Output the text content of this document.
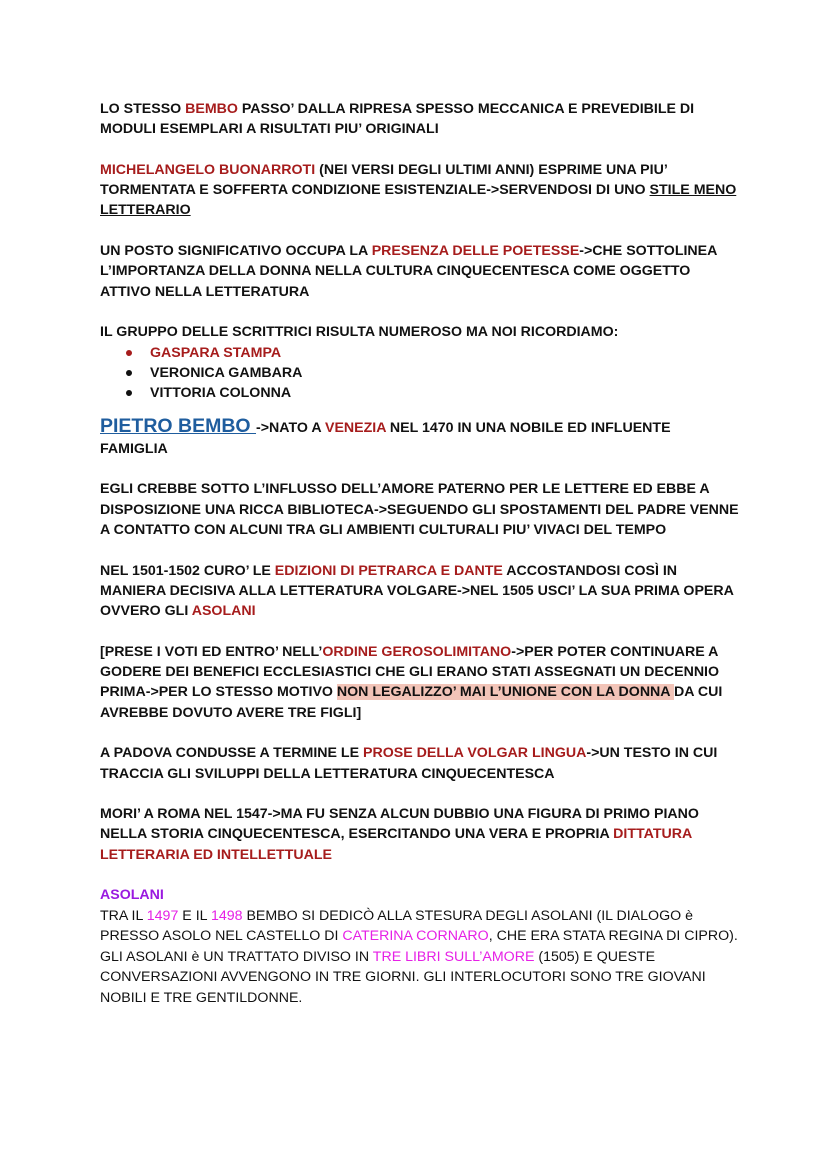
LO STESSO BEMBO PASSO’ DALLA RIPRESA SPESSO MECCANICA E PREVEDIBILE DI MODULI ESEMPLARI A RISULTATI PIU’ ORIGINALI

MICHELANGELO BUONARROTI (NEI VERSI DEGLI ULTIMI ANNI) ESPRIME UNA PIU’ TORMENTATA E SOFFERTA CONDIZIONE ESISTENZIALE->SERVENDOSI DI UNO STILE MENO LETTERARIO

UN POSTO SIGNIFICATIVO OCCUPA LA PRESENZA DELLE POETESSE->CHE SOTTOLINEA L’IMPORTANZA DELLA DONNA NELLA CULTURA CINQUECENTESCA COME OGGETTO ATTIVO NELLA LETTERATURA

IL GRUPPO DELLE SCRITTRICI RISULTA NUMEROSO MA NOI RICORDIAMO:

GASPARA STAMPA
VERONICA GAMBARA
VITTORIA COLONNA

PIETRO BEMBO ->NATO A VENEZIA NEL 1470 IN UNA NOBILE ED INFLUENTE FAMIGLIA

EGLI CREBBE SOTTO L’INFLUSSO DELL’AMORE PATERNO PER LE LETTERE ED EBBE A DISPOSIZIONE UNA RICCA BIBLIOTECA->SEGUENDO GLI SPOSTAMENTI DEL PADRE VENNE A CONTATTO CON ALCUNI TRA GLI AMBIENTI CULTURALI PIU’ VIVACI DEL TEMPO

NEL 1501-1502 CURO’ LE EDIZIONI DI PETRARCA E DANTE ACCOSTANDOSI COSÌ IN MANIERA DECISIVA ALLA LETTERATURA VOLGARE->NEL 1505 USCI’ LA SUA PRIMA OPERA OVVERO GLI ASOLANI

[PRESE I VOTI ED ENTRO’ NELL’ORDINE GEROSOLIMITANO->PER POTER CONTINUARE A GODERE DEI BENEFICI ECCLESIASTICI CHE GLI ERANO STATI ASSEGNATI UN DECENNIO PRIMA->PER LO STESSO MOTIVO NON LEGALIZZO’ MAI L’UNIONE CON LA DONNA DA CUI AVREBBE DOVUTO AVERE TRE FIGLI]

A PADOVA CONDUSSE A TERMINE LE PROSE DELLA VOLGAR LINGUA->UN TESTO IN CUI TRACCIA GLI SVILUPPI DELLA LETTERATURA CINQUECENTESCA

MORI’ A ROMA NEL 1547->MA FU SENZA ALCUN DUBBIO UNA FIGURA DI PRIMO PIANO NELLA STORIA CINQUECENTESCA, ESERCITANDO UNA VERA E PROPRIA DITTATURA LETTERARIA ED INTELLETTUALE

ASOLANI

TRA IL 1497 E IL 1498 BEMBO SI DEDICÒ ALLA STESURA DEGLI ASOLANI (IL DIALOGO è PRESSO ASOLO NEL CASTELLO DI CATERINA CORNARO, CHE ERA STATA REGINA DI CIPRO). GLI ASOLANI è UN TRATTATO DIVISO IN TRE LIBRI SULL’AMORE (1505) E QUESTE CONVERSAZIONI AVVENGONO IN TRE GIORNI. GLI INTERLOCUTORI SONO TRE GIOVANI NOBILI E TRE GENTILDONNE.
